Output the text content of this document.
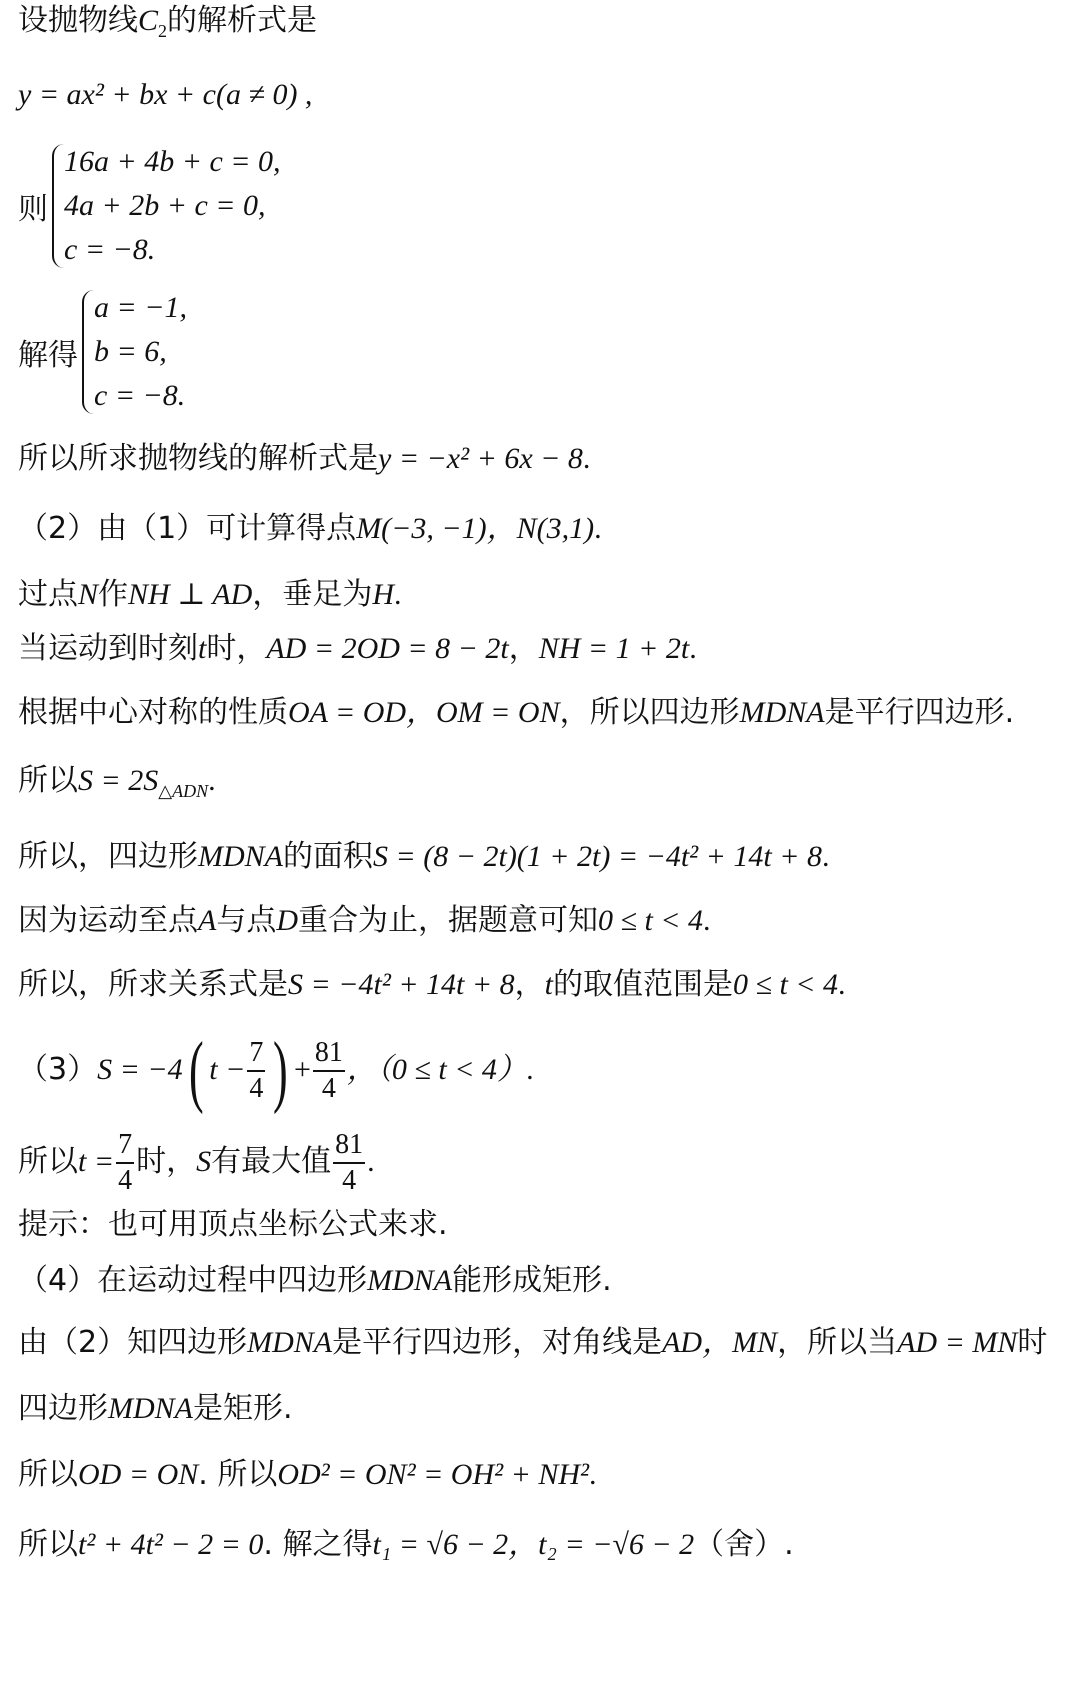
设抛物线$C_2$的解析式是
y = ax² + bx + c(a ≠ 0) ,
则
16a + 4b + c = 0,
4a + 2b + c = 0,
c = −8.
解得
a = −1,
b = 6,
c = −8.
所以所求抛物线的解析式是y = −x² + 6x − 8.
（2）由（1）可计算得点M(−3, −1)，N(3,1).
过点N作NH ⊥ AD，垂足为H.
当运动到时刻t时，AD = 2OD = 8 − 2t，NH = 1 + 2t.
根据中心对称的性质OA = OD，OM = ON，所以四边形MDNA是平行四边形.
所以$S = 2S_{\triangle ADN}$.
所以，四边形MDNA的面积S = (8 − 2t)(1 + 2t) = −4t² + 14t + 8.
因为运动至点A与点D重合为止，据题意可知0 ≤ t < 4.
所以，所求关系式是S = −4t² + 14t + 8，t的取值范围是0 ≤ t < 4.
（3）S = −4( $t - \frac{7}{4}$ ) + $\frac{81}{4}$ ，（0 ≤ t < 4）.
所以$t = \frac{7}{4}$ 时，S有最大值 $\frac{81}{4}$ .
提示：也可用顶点坐标公式来求.
（4）在运动过程中四边形MDNA能形成矩形.
由（2）知四边形MDNA是平行四边形，对角线是AD，MN，所以当AD = MN时
四边形MDNA是矩形.
所以OD = ON. 所以OD² = ON² = OH² + NH².
所以t² + 4t² − 2 = 0. 解之得t₁ = √6 − 2，t₂ = −√6 − 2（舍）.
